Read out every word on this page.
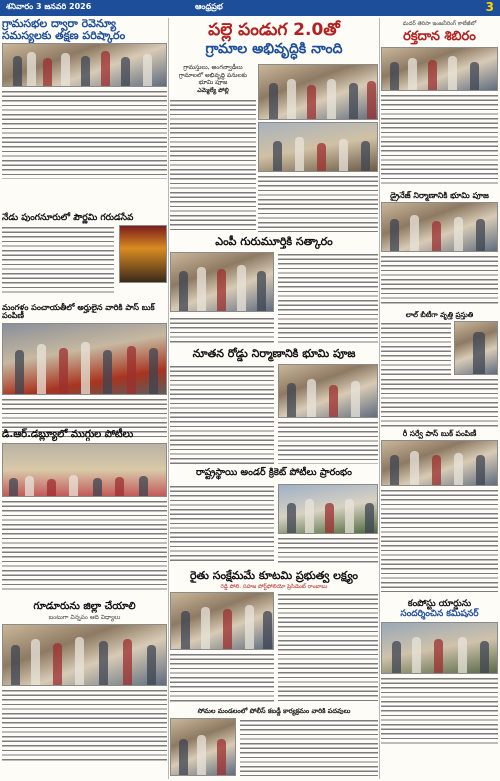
శనివారం 3 జనవరి 2026	ఆంధ్రప్రభ	3
గ్రామసభల ద్వారా రెవెన్యూ సమస్యలకు తక్షణ పరిష్కారం
నేడు పుంగనూరులో పౌర్ణమి గరుడసేవ
మంగళం పంచాయతీలో అర్హులైన వారికి పాస్ బుక్ పంపిణీ
డి.ఆర్.డబ్ల్యూలో ముగ్గుల పోటీలు
గూడూరును జిల్లా చేయాలి
బంటుగా విన్నపం ఆది విధ్యాలు
పల్లె పండుగ 2.0తో
గ్రామాల అభివృద్ధికి నాంది
గ్రామస్తులు, అంగన్వాడీలు
గ్రామాలలో అభివృద్ధి పనులకు
భూమి పూజ
ఎమ్మెల్యే పోల్లి
ఎంపీ గురుమూర్తికి సత్కారం
నూతన రోడ్డు నిర్మాణానికి భూమి పూజ
రాష్ట్రస్థాయి అండర్ క్రికెట్ పోటీలు ప్రారంభం
రైతు సంక్షేమమే కూటమి ప్రభుత్వ లక్ష్యం
రెడ్డి పోలి. సహజ పోర్ట్‌ఫోలియో ప్రెసిడెంట్ రాంబాబు
సోమల మండలంలో పోలీస్ కబడ్డీ కార్యక్రమం వారికి పదవులు
మదర్ తెరిసా ఇంజనీరింగ్ కాలేజీలో
రక్తదాన శిబిరం
డ్రైనేజ్ నిర్మాణానికి భూమి పూజ
లాల్ బీటీగా వృత్తి ప్రస్తుతి
రీ సర్వే పాస్ బుక్ పంపిణీ
కంపోస్టు యార్డును
సందర్శించిన కమిషనర్
